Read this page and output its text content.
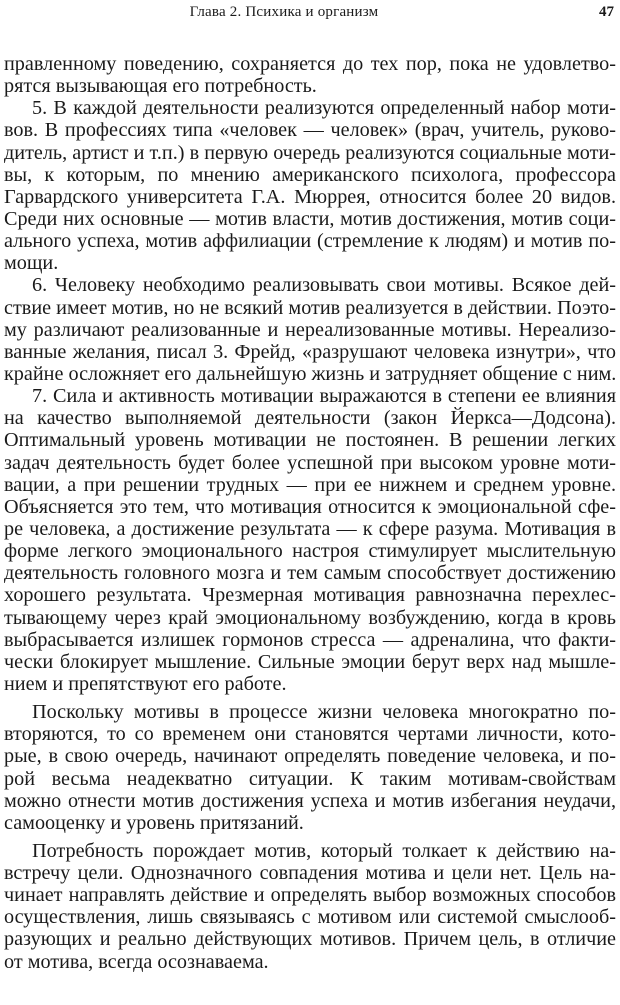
Глава 2. Психика и организм	47
правленному поведению, сохраняется до тех пор, пока не удовлетво-
рятся вызывающая его потребность.
5. В каждой деятельности реализуются определенный набор моти-
вов. В профессиях типа «человек — человек» (врач, учитель, руково-
дитель, артист и т.п.) в первую очередь реализуются социальные моти-
вы, к которым, по мнению американского психолога, профессора
Гарвардского университета Г.А. Мюррея, относится более 20 видов.
Среди них основные — мотив власти, мотив достижения, мотив соци-
ального успеха, мотив аффилиации (стремление к людям) и мотив по-
мощи.
6. Человеку необходимо реализовывать свои мотивы. Всякое дей-
ствие имеет мотив, но не всякий мотив реализуется в действии. Поэто-
му различают реализованные и нереализованные мотивы. Нереализо-
ванные желания, писал 3. Фрейд, «разрушают человека изнутри», что
крайне осложняет его дальнейшую жизнь и затрудняет общение с ним.
7. Сила и активность мотивации выражаются в степени ее влияния
на качество выполняемой деятельности (закон Йеркса—Додсона).
Оптимальный уровень мотивации не постоянен. В решении легких
задач деятельность будет более успешной при высоком уровне моти-
вации, а при решении трудных — при ее нижнем и среднем уровне.
Объясняется это тем, что мотивация относится к эмоциональной сфе-
ре человека, а достижение результата — к сфере разума. Мотивация в
форме легкого эмоционального настроя стимулирует мыслительную
деятельность головного мозга и тем самым способствует достижению
хорошего результата. Чрезмерная мотивация равнозначна перехлес-
тывающему через край эмоциональному возбуждению, когда в кровь
выбрасывается излишек гормонов стресса — адреналина, что факти-
чески блокирует мышление. Сильные эмоции берут верх над мышле-
нием и препятствуют его работе.
Поскольку мотивы в процессе жизни человека многократно по-
вторяются, то со временем они становятся чертами личности, кото-
рые, в свою очередь, начинают определять поведение человека, и по-
рой весьма неадекватно ситуации. К таким мотивам-свойствам
можно отнести мотив достижения успеха и мотив избегания неудачи,
самооценку и уровень притязаний.
Потребность порождает мотив, который толкает к действию на-
встречу цели. Однозначного совпадения мотива и цели нет. Цель на-
чинает направлять действие и определять выбор возможных способов
осуществления, лишь связываясь с мотивом или системой смыслооб-
разующих и реально действующих мотивов. Причем цель, в отличие
от мотива, всегда осознаваема.
